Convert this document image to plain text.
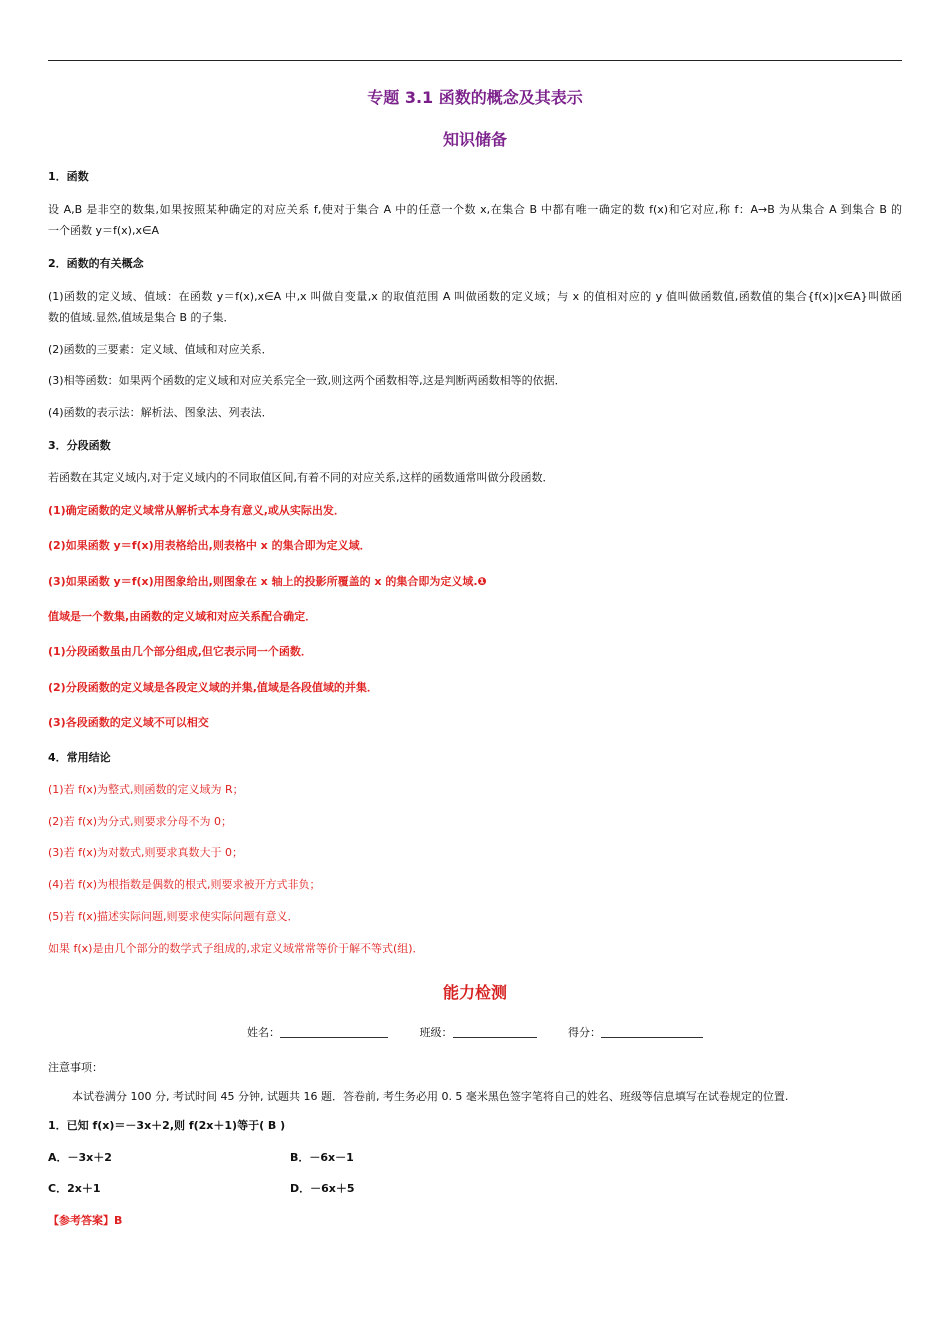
专题 3.1 函数的概念及其表示
知识储备
1．函数
设 A,B 是非空的数集,如果按照某种确定的对应关系 f,使对于集合 A 中的任意一个数 x,在集合 B 中都有唯一确定的数 f(x)和它对应,称 f：A→B 为从集合 A 到集合 B 的
一个函数 y＝f(x),x∈A
2．函数的有关概念
(1)函数的定义域、值域：在函数 y＝f(x),x∈A 中,x 叫做自变量,x 的取值范围 A 叫做函数的定义域；与 x 的值相对应的 y 值叫做函数值,函数值的集合{f(x)|x∈A}叫做函
数的值域.显然,值域是集合 B 的子集．
(2)函数的三要素：定义域、值域和对应关系．
(3)相等函数：如果两个函数的定义域和对应关系完全一致,则这两个函数相等,这是判断两函数相等的依据．
(4)函数的表示法：解析法、图象法、列表法．
3．分段函数
若函数在其定义域内,对于定义域内的不同取值区间,有着不同的对应关系,这样的函数通常叫做分段函数．
(1)确定函数的定义域常从解析式本身有意义,或从实际出发．
(2)如果函数 y＝f(x)用表格给出,则表格中 x 的集合即为定义域．
(3)如果函数 y＝f(x)用图象给出,则图象在 x 轴上的投影所覆盖的 x 的集合即为定义域.❶
值域是一个数集,由函数的定义域和对应关系配合确定．
(1)分段函数虽由几个部分组成,但它表示同一个函数．
(2)分段函数的定义域是各段定义域的并集,值域是各段值域的并集．
(3)各段函数的定义域不可以相交
4．常用结论
(1)若 f(x)为整式,则函数的定义域为 R；
(2)若 f(x)为分式,则要求分母不为 0；
(3)若 f(x)为对数式,则要求真数大于 0；
(4)若 f(x)为根指数是偶数的根式,则要求被开方式非负；
(5)若 f(x)描述实际问题,则要求使实际问题有意义．
如果 f(x)是由几个部分的数学式子组成的,求定义域常常等价于解不等式(组)．
能力检测
姓名：	班级：	得分：
注意事项：
本试卷满分 100 分, 考试时间 45 分钟, 试题共 16 题．答卷前, 考生务必用 0. 5 毫米黑色签字笔将自己的姓名、班级等信息填写在试卷规定的位置.
1．已知 f(x)＝－3x＋2,则 f(2x＋1)等于( B )
A．－3x＋2	B．－6x－1
C．2x＋1	D．－6x＋5
【参考答案】B
